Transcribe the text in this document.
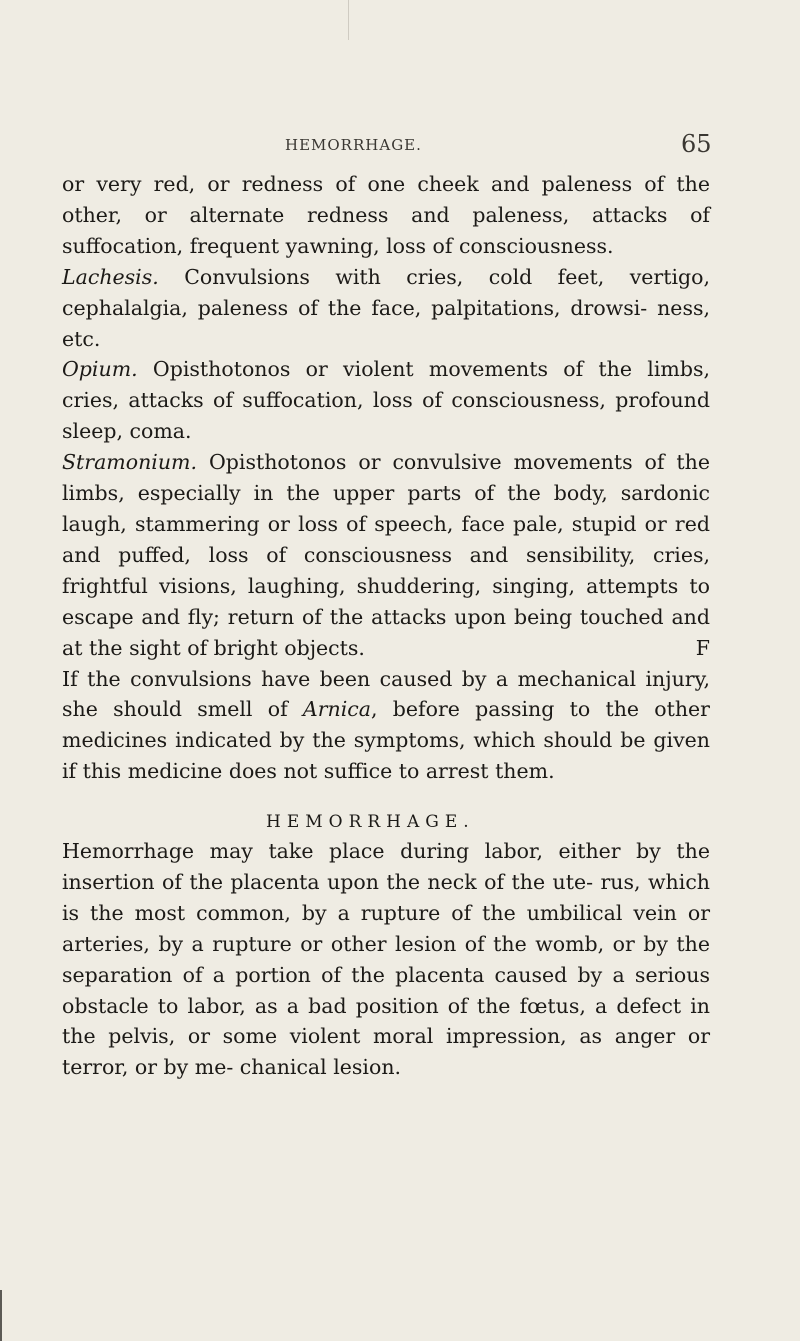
HEMORRHAGE.	65

or very red, or redness of one cheek and paleness of the other, or alternate redness and paleness, attacks of suffocation, frequent yawning, loss of consciousness.

Lachesis. Convulsions with cries, cold feet, vertigo, cephalalgia, paleness of the face, palpitations, drowsi- ness, etc.

Opium. Opisthotonos or violent movements of the limbs, cries, attacks of suffocation, loss of consciousness, profound sleep, coma.

Stramonium. Opisthotonos or convulsive movements of the limbs, especially in the upper parts of the body, sardonic laugh, stammering or loss of speech, face pale, stupid or red and puffed, loss of consciousness and sensibility, cries, frightful visions, laughing, shuddering, singing, attempts to escape and fly; return of the attacks upon being touched and at the sight of bright objects.	F

If the convulsions have been caused by a mechanical injury, she should smell of Arnica, before passing to the other medicines indicated by the symptoms, which should be given if this medicine does not suffice to arrest them.

HEMORRHAGE.

Hemorrhage may take place during labor, either by the insertion of the placenta upon the neck of the ute- rus, which is the most common, by a rupture of the umbilical vein or arteries, by a rupture or other lesion of the womb, or by the separation of a portion of the placenta caused by a serious obstacle to labor, as a bad position of the fœtus, a defect in the pelvis, or some violent moral impression, as anger or terror, or by me- chanical lesion.
